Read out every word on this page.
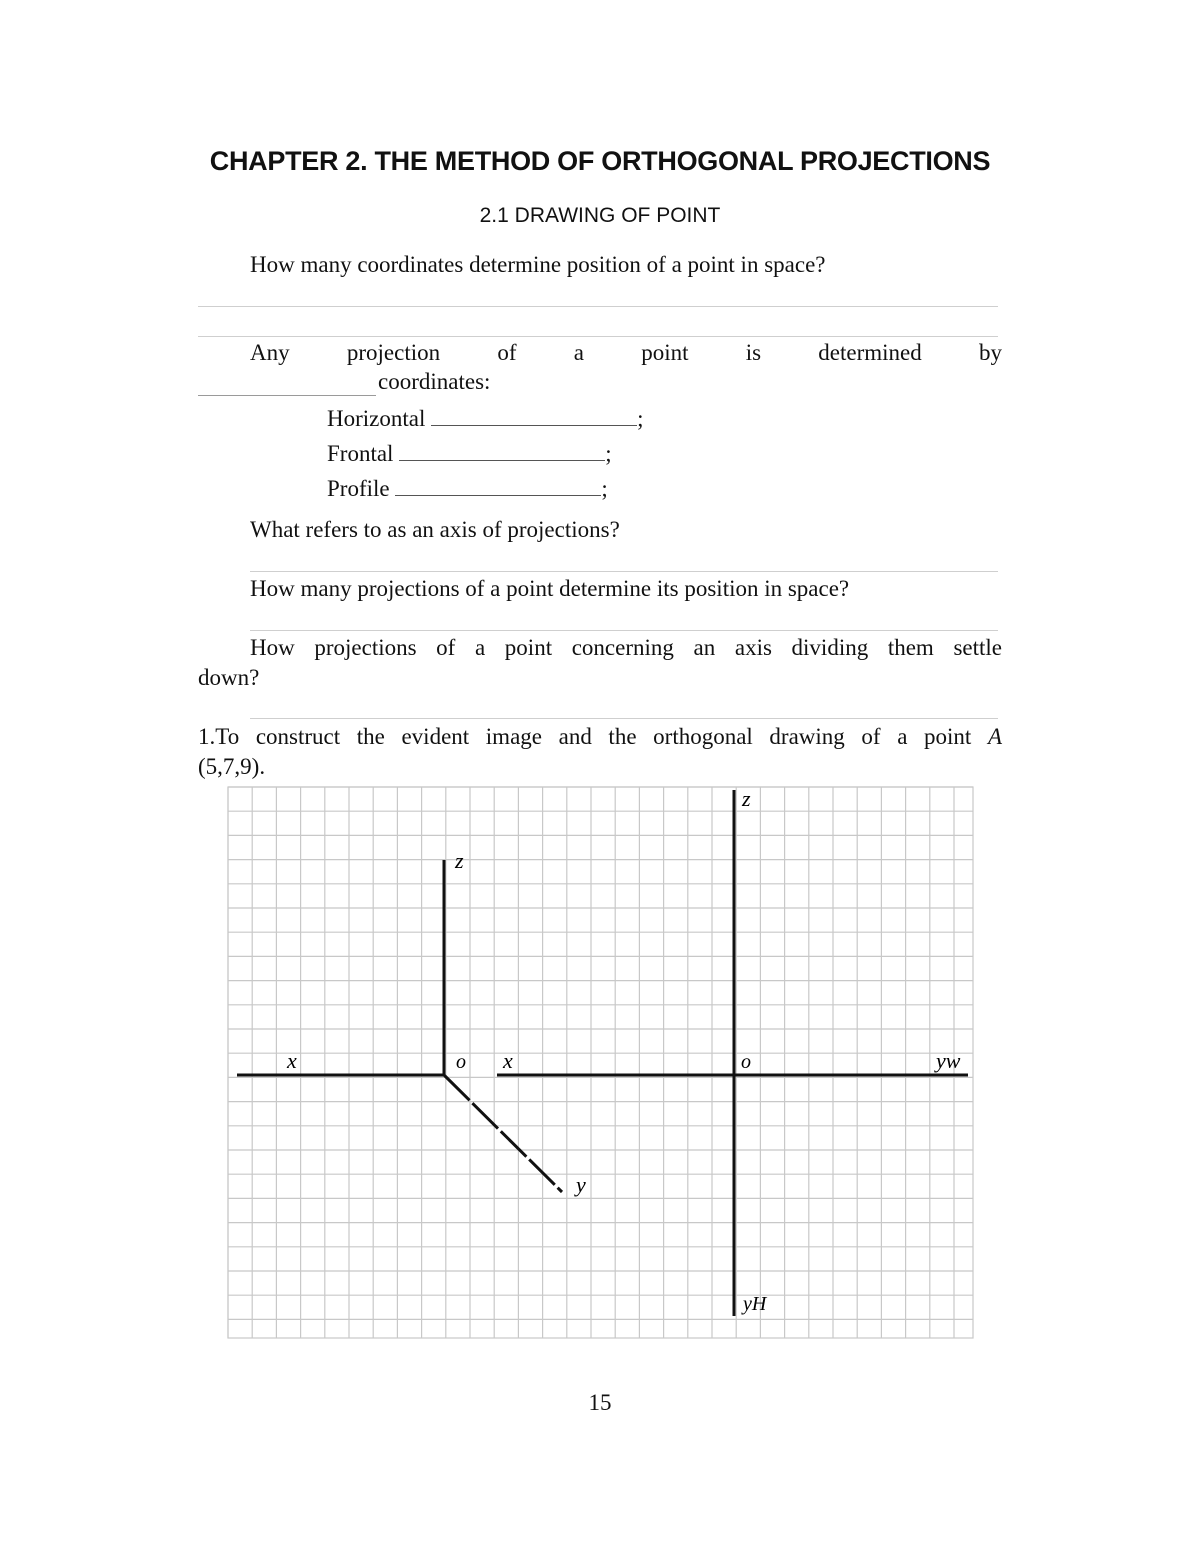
CHAPTER 2. THE METHOD OF ORTHOGONAL PROJECTIONS
2.1 DRAWING OF POINT
How many coordinates determine position of a point in space?
Any projection of a point is determined by
coordinates:
Horizontal	;
Frontal	;
Profile	;
What refers to as an axis of projections?
How many projections of a point determine its position in space?
How projections of a point concerning an axis dividing them settle
down?
1.To construct the evident image and the orthogonal drawing of a point A
(5,7,9).
z
x	o
y
z
x	o	yw
yH
15
